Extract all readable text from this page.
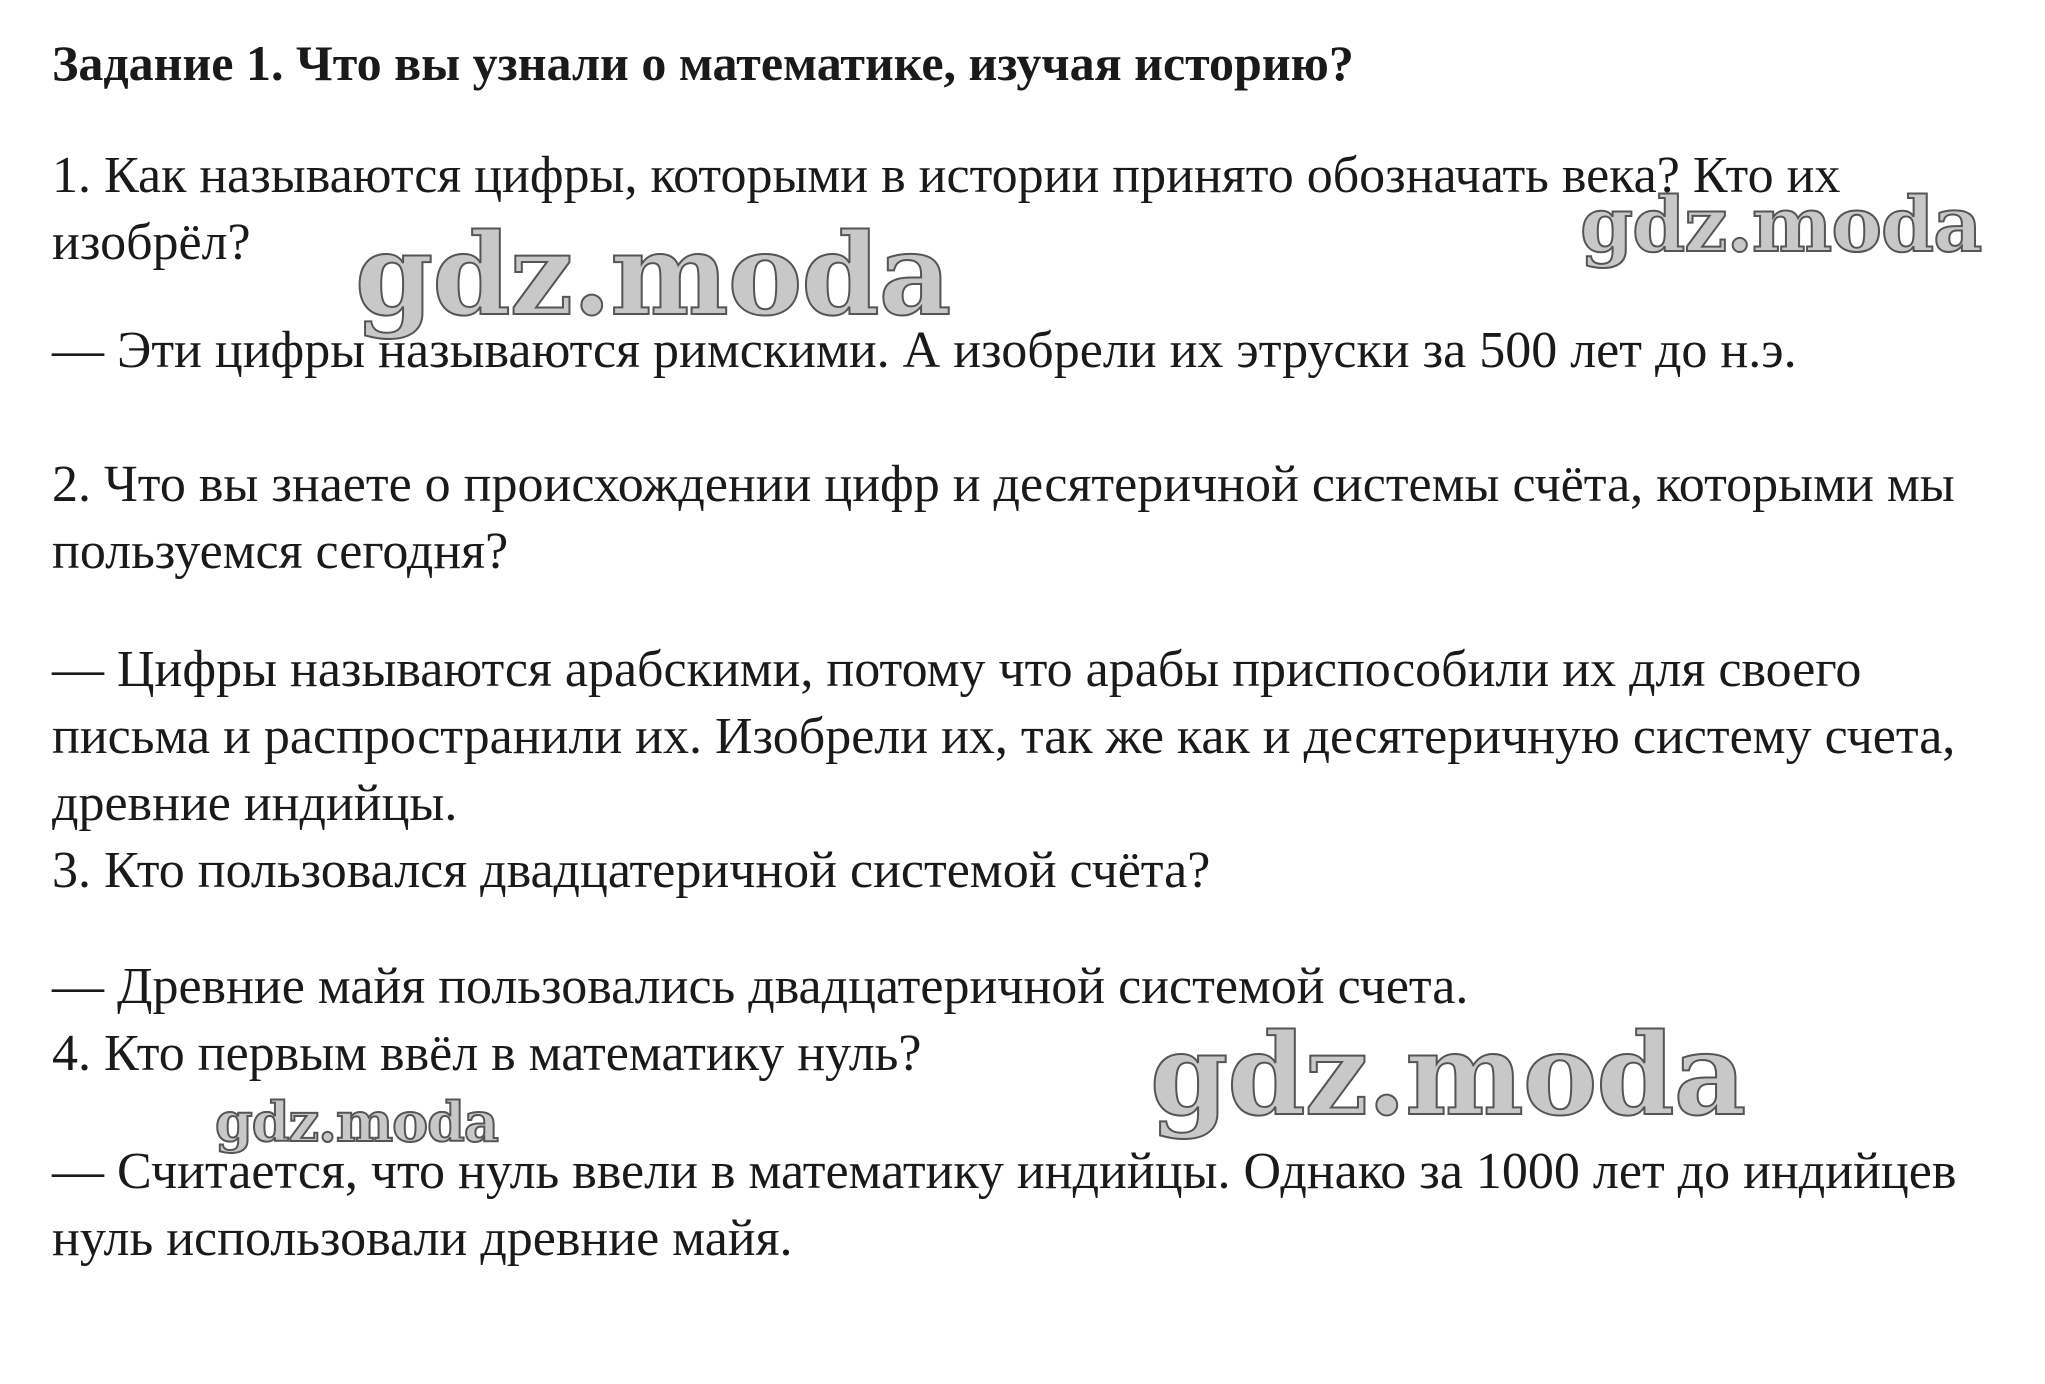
Задание 1. Что вы узнали о математике, изучая историю?
1. Как называются цифры, которыми в истории принято обозначать века? Кто их изобрёл?
— Эти цифры называются римскими. А изобрели их этруски за 500 лет до н.э.
2. Что вы знаете о происхождении цифр и десятеричной системы счёта, которыми мы пользуемся сегодня?
— Цифры называются арабскими, потому что арабы приспособили их для своего письма и распространили их. Изобрели их, так же как и десятеричную систему счета, древние индийцы.
3. Кто пользовался двадцатеричной системой счёта?
— Древние майя пользовались двадцатеричной системой счета.
4. Кто первым ввёл в математику нуль?
— Считается, что нуль ввели в математику индийцы. Однако за 1000 лет до индийцев нуль использовали древние майя.
gdz.moda	gdz.moda
gdz.moda
gdz.moda
